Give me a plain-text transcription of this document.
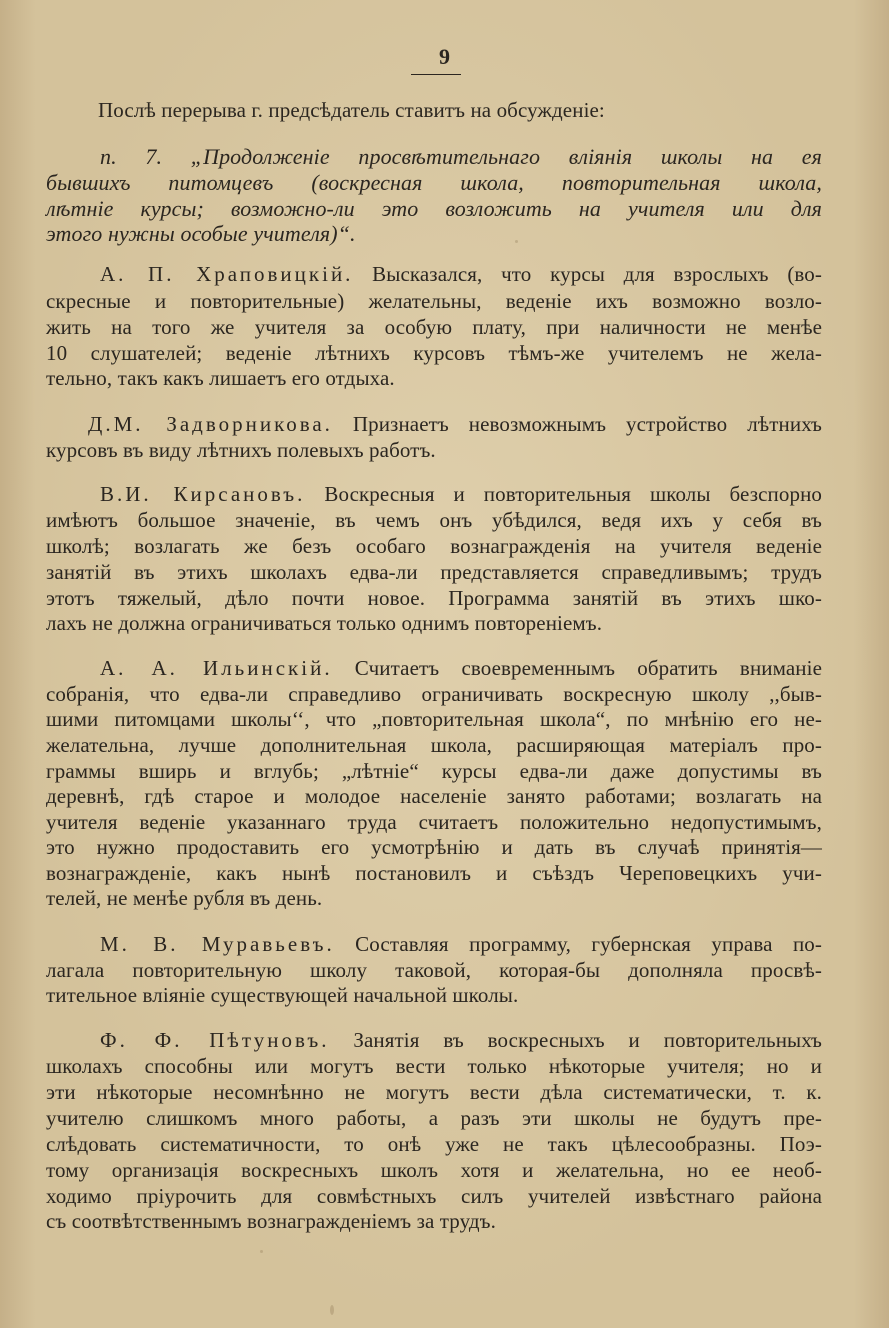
9
Послѣ перерыва г. предсѣдатель ставитъ на обсужденіе:
п. 7. „Продолженіе просвѣтительнаго вліянія школы на ея
бывшихъ питомцевъ (воскресная школа, повторительная школа,
лѣтніе курсы; возможно-ли это возложить на учителя или для
этого нужны особые учителя)“.
А. П. Храповицкій. Высказался, что курсы для взрослыхъ (во-
скресные и повторительные) желательны, веденіе ихъ возможно возло-
жить на того же учителя за особую плату, при наличности не менѣе
10 слушателей; веденіе лѣтнихъ курсовъ тѣмъ-же учителемъ не жела-
тельно, такъ какъ лишаетъ его отдыха.
Д.М. Задворникова. Признаетъ невозможнымъ устройство лѣтнихъ
курсовъ въ виду лѣтнихъ полевыхъ работъ.
В.И. Кирсановъ. Воскресныя и повторительныя школы безспорно
имѣютъ большое значеніе, въ чемъ онъ убѣдился, ведя ихъ у себя въ
школѣ; возлагать же безъ особаго вознагражденія на учителя веденіе
занятій въ этихъ школахъ едва-ли представляется справедливымъ; трудъ
этотъ тяжелый, дѣло почти новое. Программа занятій въ этихъ шко-
лахъ не должна ограничиваться только однимъ повтореніемъ.
А. А. Ильинскій. Считаетъ своевременнымъ обратить вниманіе
собранія, что едва-ли справедливо ограничивать воскресную школу ,,быв-
шими питомцами школы‘‘, что „повторительная школа“, по мнѣнію его не-
желательна, лучше дополнительная школа, расширяющая матеріалъ про-
граммы вширь и вглубь; „лѣтніе“ курсы едва-ли даже допустимы въ
деревнѣ, гдѣ старое и молодое населеніе занято работами; возлагать на
учителя веденіе указаннаго труда считаетъ положительно недопустимымъ,
это нужно продоставить его усмотрѣнію и дать въ случаѣ принятія—
вознагражденіе, какъ нынѣ постановилъ и съѣздъ Череповецкихъ учи-
телей, не менѣе рубля въ день.
М. В. Муравьевъ. Составляя программу, губернская управа по-
лагала повторительную школу таковой, которая-бы дополняла просвѣ-
тительное вліяніе существующей начальной школы.
Ф. Ф. Пѣтуновъ. Занятія въ воскресныхъ и повторительныхъ
школахъ способны или могутъ вести только нѣкоторые учителя; но и
эти нѣкоторые несомнѣнно не могутъ вести дѣла систематически, т. к.
учителю слишкомъ много работы, а разъ эти школы не будутъ пре-
слѣдовать систематичности, то онѣ уже не такъ цѣлесообразны. Поэ-
тому организація воскресныхъ школъ хотя и желательна, но ее необ-
ходимо пріурочить для совмѣстныхъ силъ учителей извѣстнаго района
съ соотвѣтственнымъ вознагражденіемъ за трудъ.
